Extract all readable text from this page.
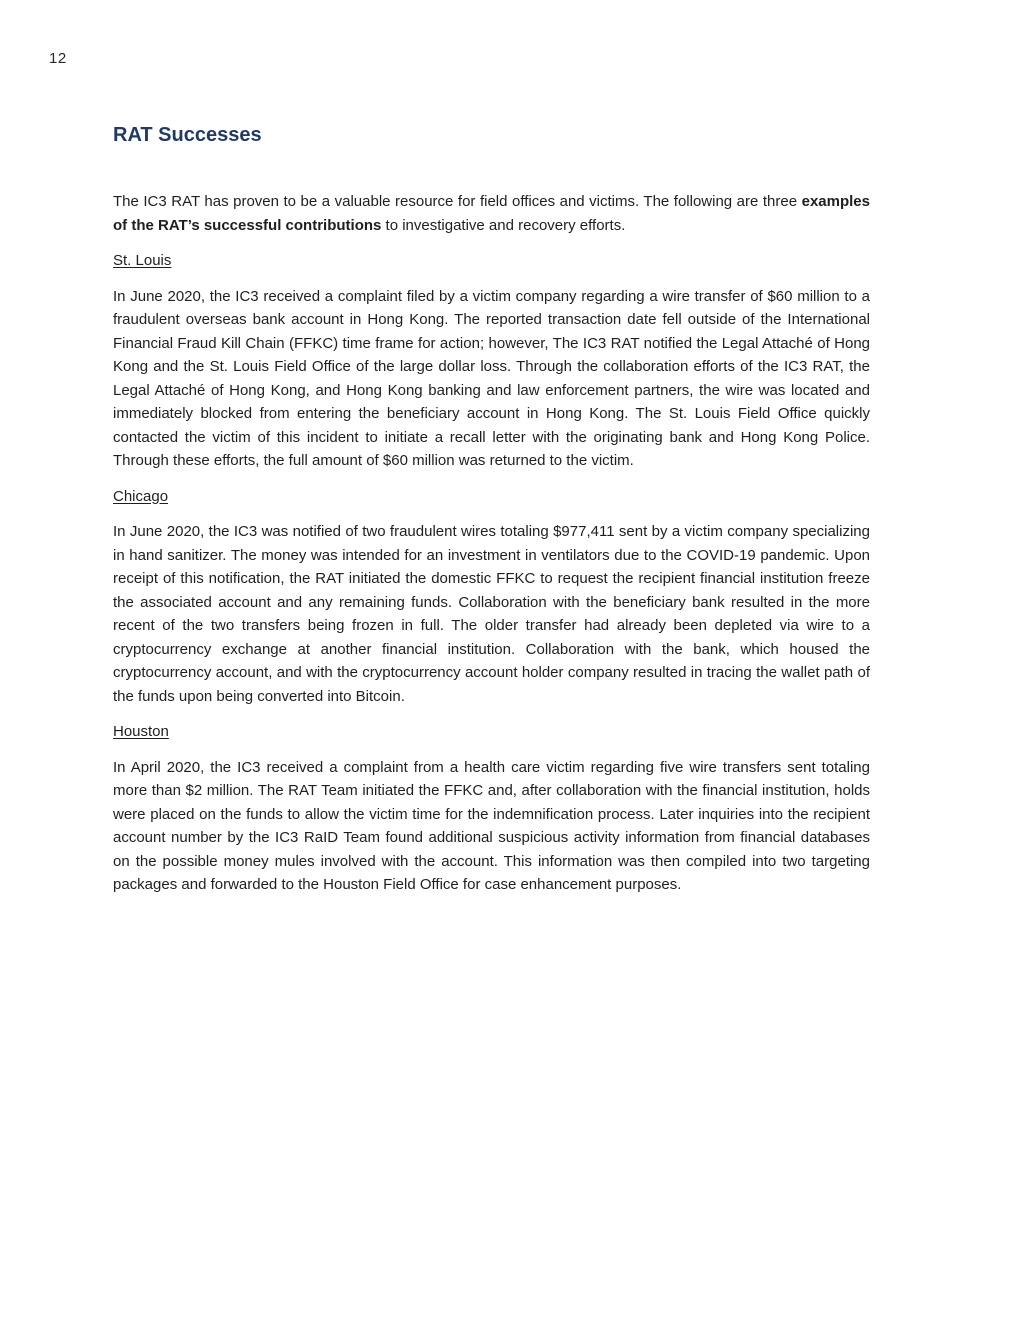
12
RAT Successes

The IC3 RAT has proven to be a valuable resource for field offices and victims. The following are three examples of the RAT’s successful contributions to investigative and recovery efforts.

St. Louis

In June 2020, the IC3 received a complaint filed by a victim company regarding a wire transfer of $60 million to a fraudulent overseas bank account in Hong Kong. The reported transaction date fell outside of the International Financial Fraud Kill Chain (FFKC) time frame for action; however, The IC3 RAT notified the Legal Attaché of Hong Kong and the St. Louis Field Office of the large dollar loss. Through the collaboration efforts of the IC3 RAT, the Legal Attaché of Hong Kong, and Hong Kong banking and law enforcement partners, the wire was located and immediately blocked from entering the beneficiary account in Hong Kong. The St. Louis Field Office quickly contacted the victim of this incident to initiate a recall letter with the originating bank and Hong Kong Police. Through these efforts, the full amount of $60 million was returned to the victim.

Chicago

In June 2020, the IC3 was notified of two fraudulent wires totaling $977,411 sent by a victim company specializing in hand sanitizer. The money was intended for an investment in ventilators due to the COVID-19 pandemic. Upon receipt of this notification, the RAT initiated the domestic FFKC to request the recipient financial institution freeze the associated account and any remaining funds. Collaboration with the beneficiary bank resulted in the more recent of the two transfers being frozen in full. The older transfer had already been depleted via wire to a cryptocurrency exchange at another financial institution. Collaboration with the bank, which housed the cryptocurrency account, and with the cryptocurrency account holder company resulted in tracing the wallet path of the funds upon being converted into Bitcoin.

Houston

In April 2020, the IC3 received a complaint from a health care victim regarding five wire transfers sent totaling more than $2 million. The RAT Team initiated the FFKC and, after collaboration with the financial institution, holds were placed on the funds to allow the victim time for the indemnification process. Later inquiries into the recipient account number by the IC3 RaID Team found additional suspicious activity information from financial databases on the possible money mules involved with the account. This information was then compiled into two targeting packages and forwarded to the Houston Field Office for case enhancement purposes.
